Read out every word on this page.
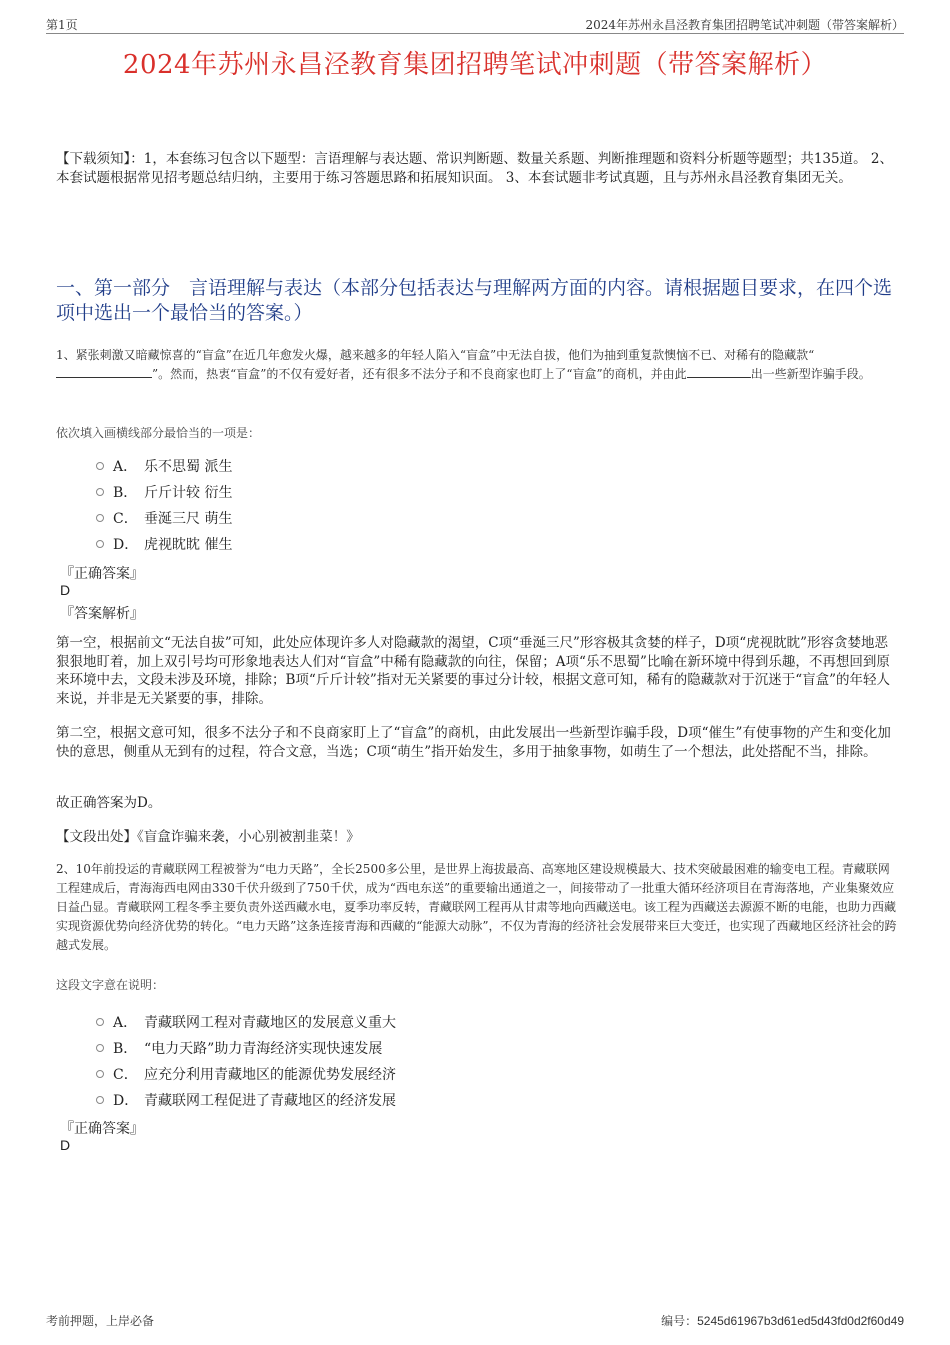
第1页	2024年苏州永昌泾教育集团招聘笔试冲刺题（带答案解析）
2024年苏州永昌泾教育集团招聘笔试冲刺题（带答案解析）
【下载须知】：1，本套练习包含以下题型：言语理解与表达题、常识判断题、数量关系题、判断推理题和资料分析题等题型；共135道。 2、本套试题根据常见招考题总结归纳，主要用于练习答题思路和拓展知识面。 3、本套试题非考试真题，且与苏州永昌泾教育集团无关。
一、第一部分　言语理解与表达（本部分包括表达与理解两方面的内容。请根据题目要求，在四个选项中选出一个最恰当的答案。）
1、紧张刺激又暗藏惊喜的“盲盒”在近几年愈发火爆，越来越多的年轻人陷入“盲盒”中无法自拔，他们为抽到重复款懊恼不已、对稀有的隐藏款“”。然而，热衷“盲盒”的不仅有爱好者，还有很多不法分子和不良商家也盯上了“盲盒”的商机，并由此	出一些新型诈骗手段。
依次填入画横线部分最恰当的一项是：
A． 乐不思蜀 派生
B． 斤斤计较 衍生
C． 垂涎三尺 萌生
D． 虎视眈眈 催生
『正确答案』
D
『答案解析』
第一空，根据前文“无法自拔”可知，此处应体现许多人对隐藏款的渴望，C项“垂涎三尺”形容极其贪婪的样子，D项“虎视眈眈”形容贪婪地恶狠狠地盯着，加上双引号均可形象地表达人们对“盲盒”中稀有隐藏款的向往，保留；A项“乐不思蜀”比喻在新环境中得到乐趣，不再想回到原来环境中去，文段未涉及环境，排除；B项“斤斤计较”指对无关紧要的事过分计较，根据文意可知，稀有的隐藏款对于沉迷于“盲盒”的年轻人来说，并非是无关紧要的事，排除。
第二空，根据文意可知，很多不法分子和不良商家盯上了“盲盒”的商机，由此发展出一些新型诈骗手段，D项“催生”有使事物的产生和变化加快的意思，侧重从无到有的过程，符合文意，当选；C项“萌生”指开始发生，多用于抽象事物，如萌生了一个想法，此处搭配不当，排除。
故正确答案为D。
【文段出处】《盲盒诈骗来袭，小心别被割韭菜！》
2、10年前投运的青藏联网工程被誉为“电力天路”，全长2500多公里，是世界上海拔最高、高寒地区建设规模最大、技术突破最困难的输变电工程。青藏联网工程建成后，青海海西电网由330千伏升级到了750千伏，成为“西电东送”的重要输出通道之一，间接带动了一批重大循环经济项目在青海落地，产业集聚效应日益凸显。青藏联网工程冬季主要负责外送西藏水电，夏季功率反转，青藏联网工程再从甘肃等地向西藏送电。该工程为西藏送去源源不断的电能，也助力西藏实现资源优势向经济优势的转化。“电力天路”这条连接青海和西藏的“能源大动脉”，不仅为青海的经济社会发展带来巨大变迁，也实现了西藏地区经济社会的跨越式发展。
这段文字意在说明：
A． 青藏联网工程对青藏地区的发展意义重大
B． “电力天路”助力青海经济实现快速发展
C． 应充分利用青藏地区的能源优势发展经济
D． 青藏联网工程促进了青藏地区的经济发展
『正确答案』
D
考前押题，上岸必备	编号：5245d61967b3d61ed5d43fd0d2f60d49
